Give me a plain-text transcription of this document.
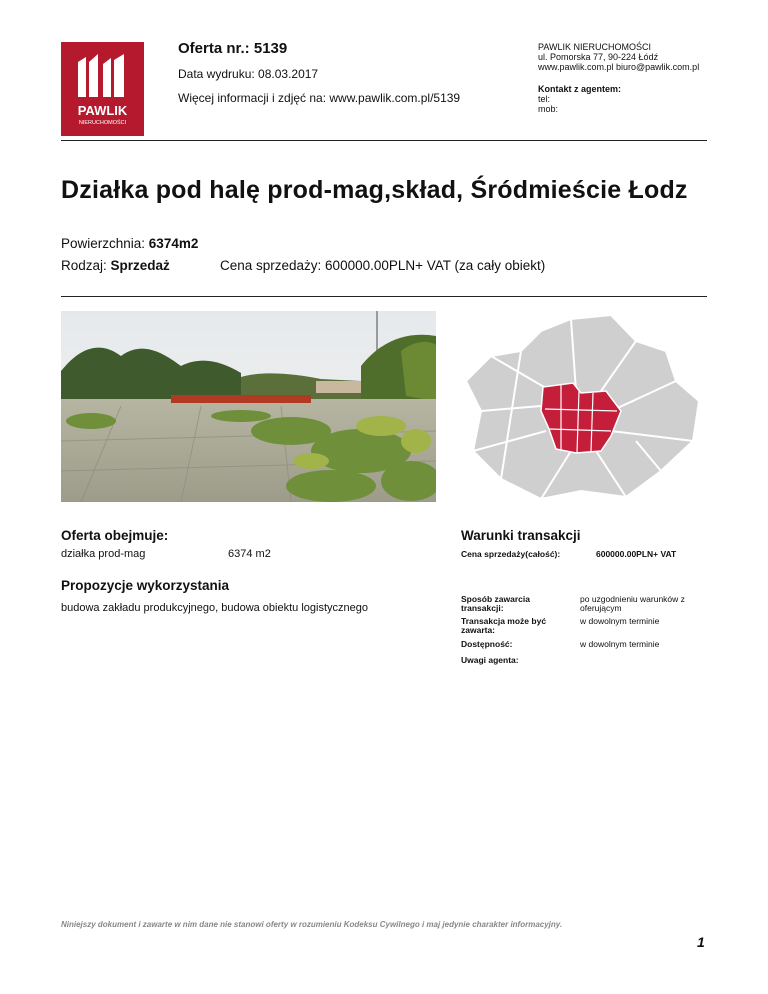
PAWLIK
NIERUCHOMOŚCI
Oferta nr.: 5139
Data wydruku: 08.03.2017
Więcej informacji i zdjęć na: www.pawlik.com.pl/5139
PAWLIK NIERUCHOMOŚCI
ul. Pomorska 77, 90-224 Łódź
www.pawlik.com.pl biuro@pawlik.com.pl
Kontakt z agentem:
tel:
mob:
Działka pod halę prod-mag,skład, Śródmieście Łodz
Powierzchnia: 6374m2
Rodzaj: Sprzedaż	Cena sprzedaży: 600000.00PLN+ VAT (za cały obiekt)
Oferta obejmuje:
działka prod-mag	6374 m2
Propozycje wykorzystania
budowa zakładu produkcyjnego, budowa obiektu logistycznego
Warunki transakcji
Cena sprzedaży(całość):	600000.00PLN+ VAT
Sposób zawarcia transakcji:
po uzgodnieniu warunków z oferującym
Transakcja może być zawarta:
w dowolnym terminie
Dostępność:	w dowolnym terminie
Uwagi agenta:
Niniejszy dokument i zawarte w nim dane nie stanowi oferty w rozumieniu Kodeksu Cywilnego i maj jedynie charakter informacyjny.
1
